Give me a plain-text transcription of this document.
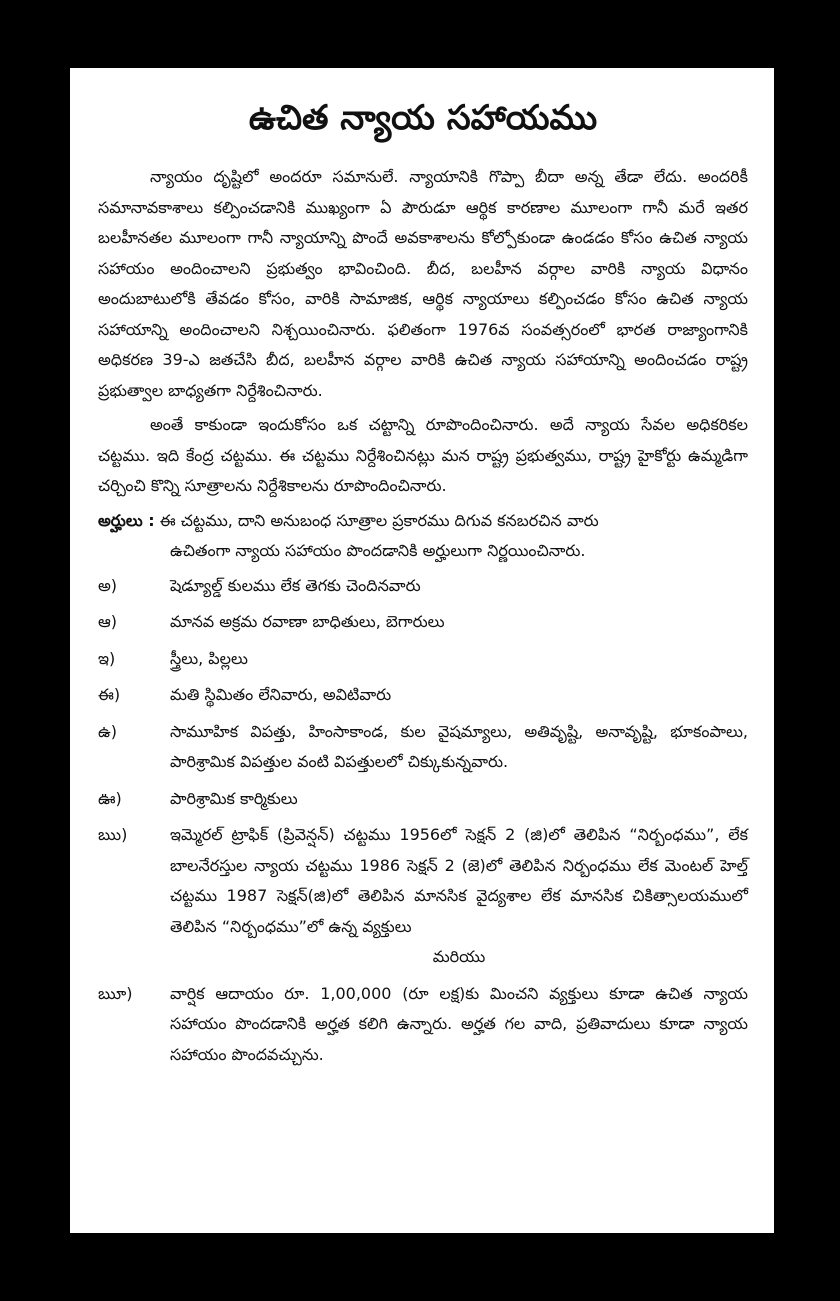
ఉచిత న్యాయ సహాయము

న్యాయం దృష్టిలో అందరూ సమానులే. న్యాయానికి గొప్పా బీదా అన్న తేడా లేదు. అందరికీ సమానావకాశాలు కల్పించడానికి ముఖ్యంగా ఏ పౌరుడూ ఆర్థిక కారణాల మూలంగా గానీ మరే ఇతర బలహీనతల మూలంగా గానీ న్యాయాన్ని పొందే అవకాశాలను కోల్పోకుండా ఉండడం కోసం ఉచిత న్యాయ సహాయం అందించాలని ప్రభుత్వం భావించింది. బీద, బలహీన వర్గాల వారికి న్యాయ విధానం అందుబాటులోకి తేవడం కోసం, వారికి సామాజిక, ఆర్థిక న్యాయాలు కల్పించడం కోసం ఉచిత న్యాయ సహాయాన్ని అందించాలని నిశ్చయించినారు. ఫలితంగా 1976వ సంవత్సరంలో భారత రాజ్యాంగానికి అధికరణ 39-ఎ జతచేసి బీద, బలహీన వర్గాల వారికి ఉచిత న్యాయ సహాయాన్ని అందించడం రాష్ట్ర ప్రభుత్వాల బాధ్యతగా నిర్దేశించినారు.

అంతే కాకుండా ఇందుకోసం ఒక చట్టాన్ని రూపొందించినారు. అదే న్యాయ సేవల అధికరికల చట్టము. ఇది కేంద్ర చట్టము. ఈ చట్టము నిర్దేశించినట్లు మన రాష్ట్ర ప్రభుత్వము, రాష్ట్ర హైకోర్టు ఉమ్మడిగా చర్చించి కొన్ని సూత్రాలను నిర్దేశికాలను రూపొందించినారు.

అర్హులు : ఈ చట్టము, దాని అనుబంధ సూత్రాల ప్రకారము దిగువ కనబరచిన వారు
ఉచితంగా న్యాయ సహాయం పొందడానికి అర్హులుగా నిర్ణయించినారు.
అ)	షెడ్యూల్డ్ కులము లేక తెగకు చెందినవారు
ఆ)	మానవ అక్రమ రవాణా బాధితులు, బెగారులు
ఇ)	స్త్రీలు, పిల్లలు
ఈ)	మతి స్థిమితం లేనివారు, అవిటివారు
ఉ)	సామూహిక విపత్తు, హింసాకాండ, కుల వైషమ్యాలు, అతివృష్టి, అనావృష్టి, భూకంపాలు, పారిశ్రామిక విపత్తుల వంటి విపత్తులలో చిక్కుకున్నవారు.
ఊ)	పారిశ్రామిక కార్మికులు
ఋ)	ఇమ్మెరల్ ట్రాఫిక్ (ప్రివెన్షన్) చట్టము 1956లో సెక్షన్ 2 (జి)లో తెలిపిన “నిర్బంధము”, లేక బాలనేరస్తుల న్యాయ చట్టము 1986 సెక్షన్ 2 (జె)లో తెలిపిన నిర్బంధము లేక మెంటల్ హెల్త్ చట్టము 1987 సెక్షన్(జి)లో తెలిపిన మానసిక వైద్యశాల లేక మానసిక చికిత్సాలయములో తెలిపిన “నిర్బంధము”లో ఉన్న వ్యక్తులు
మరియు
ౠ)	వార్షిక ఆదాయం రూ. 1,00,000 (రూ లక్ష)కు మించని వ్యక్తులు కూడా ఉచిత న్యాయ సహాయం పొందడానికి అర్హత కలిగి ఉన్నారు. అర్హత గల వాది, ప్రతివాదులు కూడా న్యాయ సహాయం పొందవచ్చును.
